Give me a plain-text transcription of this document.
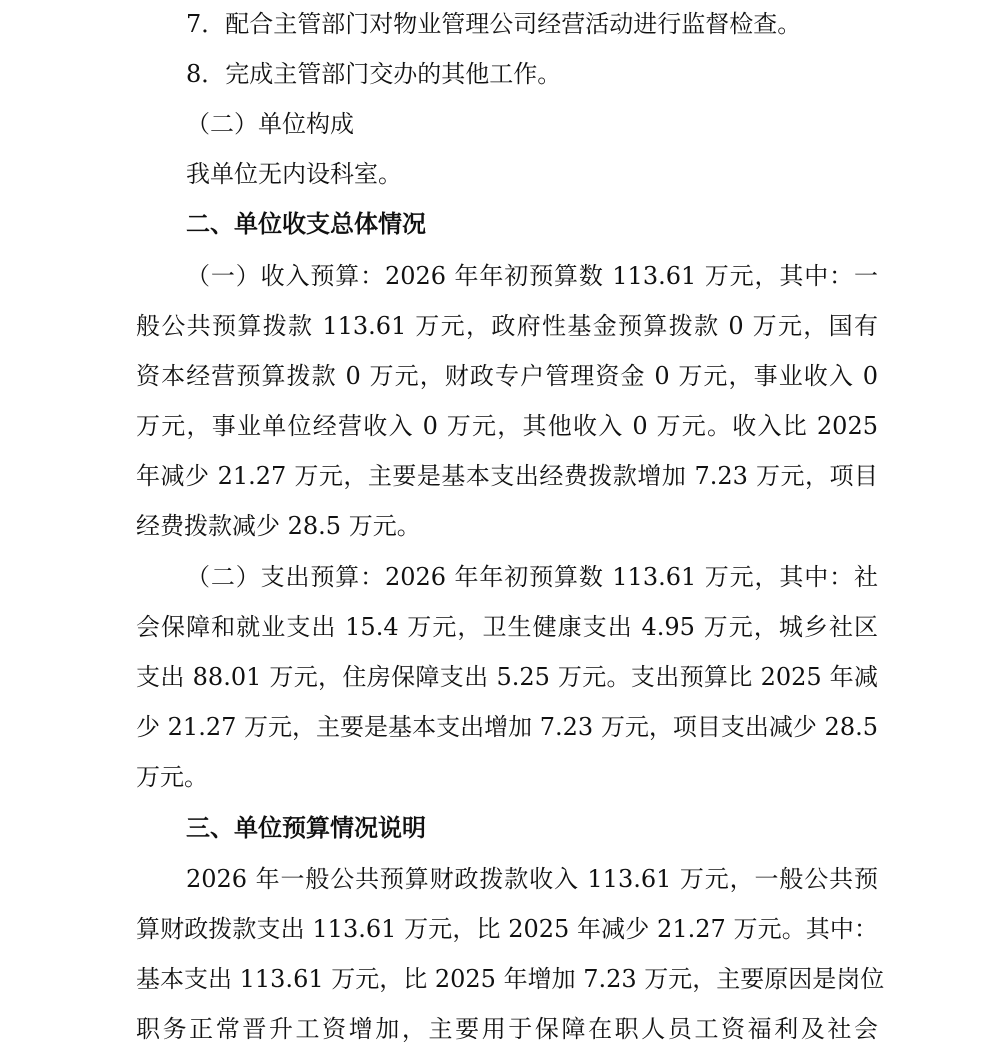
7．配合主管部门对物业管理公司经营活动进行监督检查。
8．完成主管部门交办的其他工作。
（二）单位构成
我单位无内设科室。
二、单位收支总体情况
（一）收入预算：2026 年年初预算数 113.61 万元，其中：一
般公共预算拨款 113.61 万元，政府性基金预算拨款 0 万元，国有
资本经营预算拨款 0 万元，财政专户管理资金 0 万元，事业收入 0
万元，事业单位经营收入 0 万元，其他收入 0 万元。收入比 2025
年减少 21.27 万元，主要是基本支出经费拨款增加 7.23 万元，项目
经费拨款减少 28.5 万元。
（二）支出预算：2026 年年初预算数 113.61 万元，其中：社
会保障和就业支出 15.4 万元，卫生健康支出 4.95 万元，城乡社区
支出 88.01 万元，住房保障支出 5.25 万元。支出预算比 2025 年减
少 21.27 万元，主要是基本支出增加 7.23 万元，项目支出减少 28.5
万元。
三、单位预算情况说明
2026 年一般公共预算财政拨款收入 113.61 万元，一般公共预
算财政拨款支出 113.61 万元，比 2025 年减少 21.27 万元。其中：
基本支出 113.61 万元，比 2025 年增加 7.23 万元，主要原因是岗位
职务正常晋升工资增加，主要用于保障在职人员工资福利及社会
